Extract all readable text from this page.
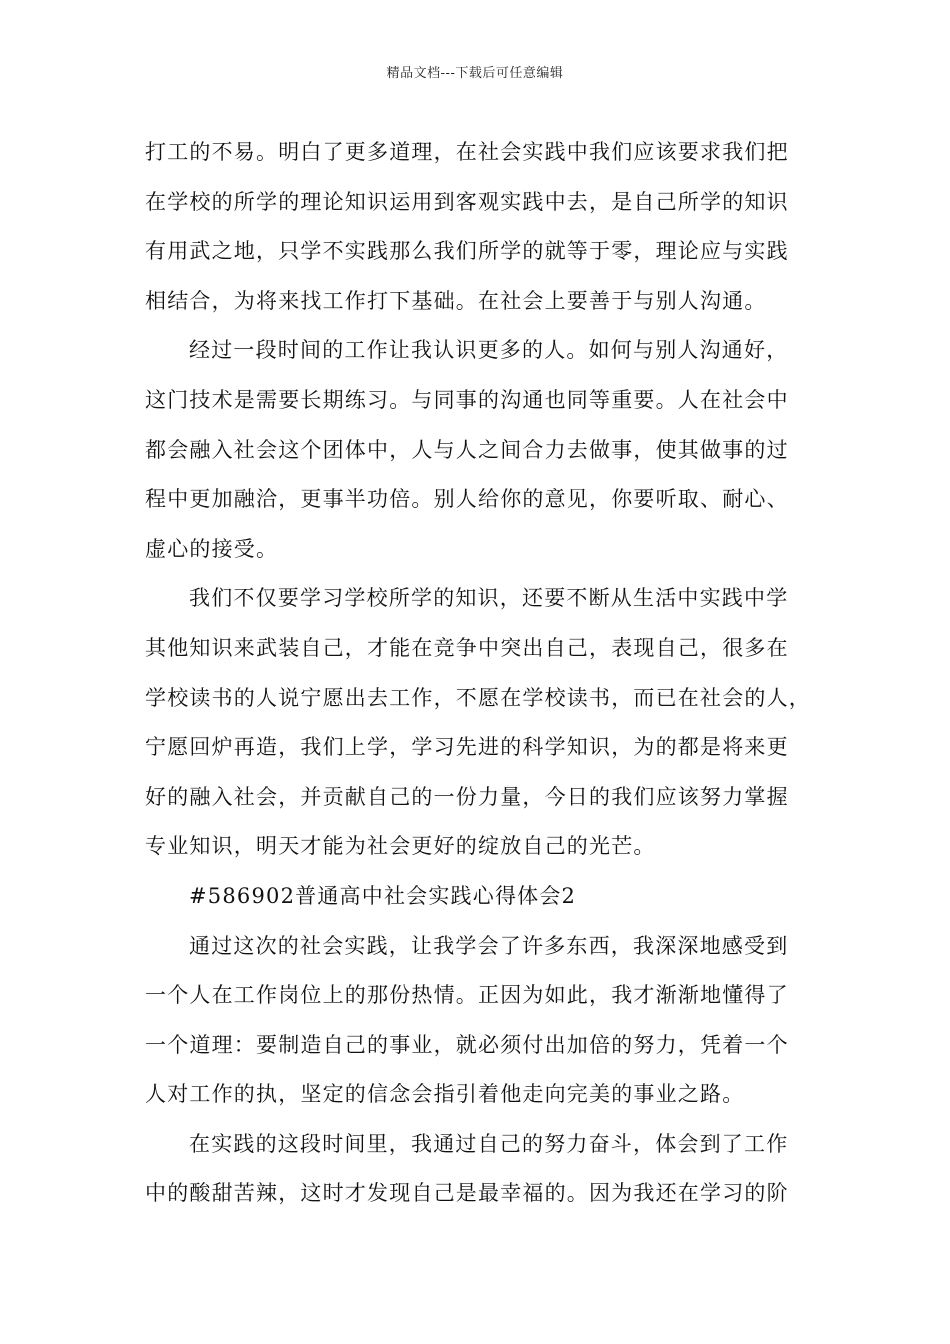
精品文档---下载后可任意编辑
打工的不易。明白了更多道理，在社会实践中我们应该要求我们把
在学校的所学的理论知识运用到客观实践中去，是自己所学的知识
有用武之地，只学不实践那么我们所学的就等于零，理论应与实践
相结合，为将来找工作打下基础。在社会上要善于与别人沟通。
经过一段时间的工作让我认识更多的人。如何与别人沟通好，
这门技术是需要长期练习。与同事的沟通也同等重要。人在社会中
都会融入社会这个团体中，人与人之间合力去做事，使其做事的过
程中更加融洽，更事半功倍。别人给你的意见，你要听取、耐心、
虚心的接受。
我们不仅要学习学校所学的知识，还要不断从生活中实践中学
其他知识来武装自己，才能在竞争中突出自己，表现自己，很多在
学校读书的人说宁愿出去工作，不愿在学校读书，而已在社会的人，
宁愿回炉再造，我们上学，学习先进的科学知识，为的都是将来更
好的融入社会，并贡献自己的一份力量，今日的我们应该努力掌握
专业知识，明天才能为社会更好的绽放自己的光芒。
#586902普通高中社会实践心得体会2
通过这次的社会实践，让我学会了许多东西，我深深地感受到
一个人在工作岗位上的那份热情。正因为如此，我才渐渐地懂得了
一个道理：要制造自己的事业，就必须付出加倍的努力，凭着一个
人对工作的执，坚定的信念会指引着他走向完美的事业之路。
在实践的这段时间里，我通过自己的努力奋斗，体会到了工作
中的酸甜苦辣，这时才发现自己是最幸福的。因为我还在学习的阶
